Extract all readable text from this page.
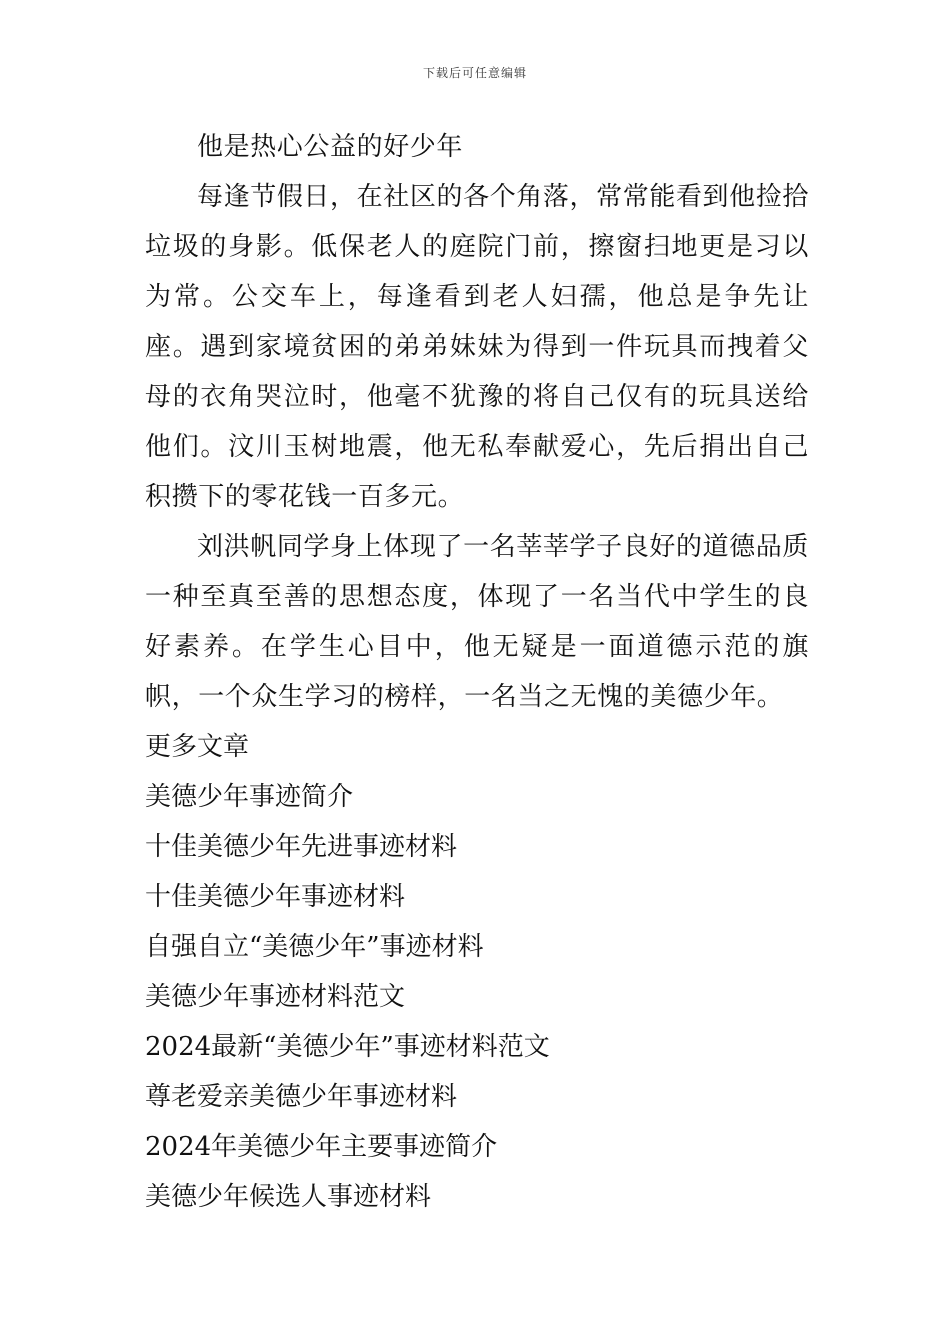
下载后可任意编辑

他是热心公益的好少年

每逢节假日，在社区的各个角落，常常能看到他捡拾垃圾的身影。低保老人的庭院门前，擦窗扫地更是习以为常。公交车上，每逢看到老人妇孺，他总是争先让座。遇到家境贫困的弟弟妹妹为得到一件玩具而拽着父母的衣角哭泣时，他毫不犹豫的将自己仅有的玩具送给他们。汶川玉树地震，他无私奉献爱心，先后捐出自己积攒下的零花钱一百多元。

刘洪帆同学身上体现了一名莘莘学子良好的道德品质一种至真至善的思想态度，体现了一名当代中学生的良好素养。在学生心目中，他无疑是一面道德示范的旗帜，一个众生学习的榜样，一名当之无愧的美德少年。

更多文章

美德少年事迹简介
十佳美德少年先进事迹材料
十佳美德少年事迹材料
自强自立“美德少年”事迹材料
美德少年事迹材料范文
2024最新“美德少年”事迹材料范文
尊老爱亲美德少年事迹材料
2024年美德少年主要事迹简介
美德少年候选人事迹材料
